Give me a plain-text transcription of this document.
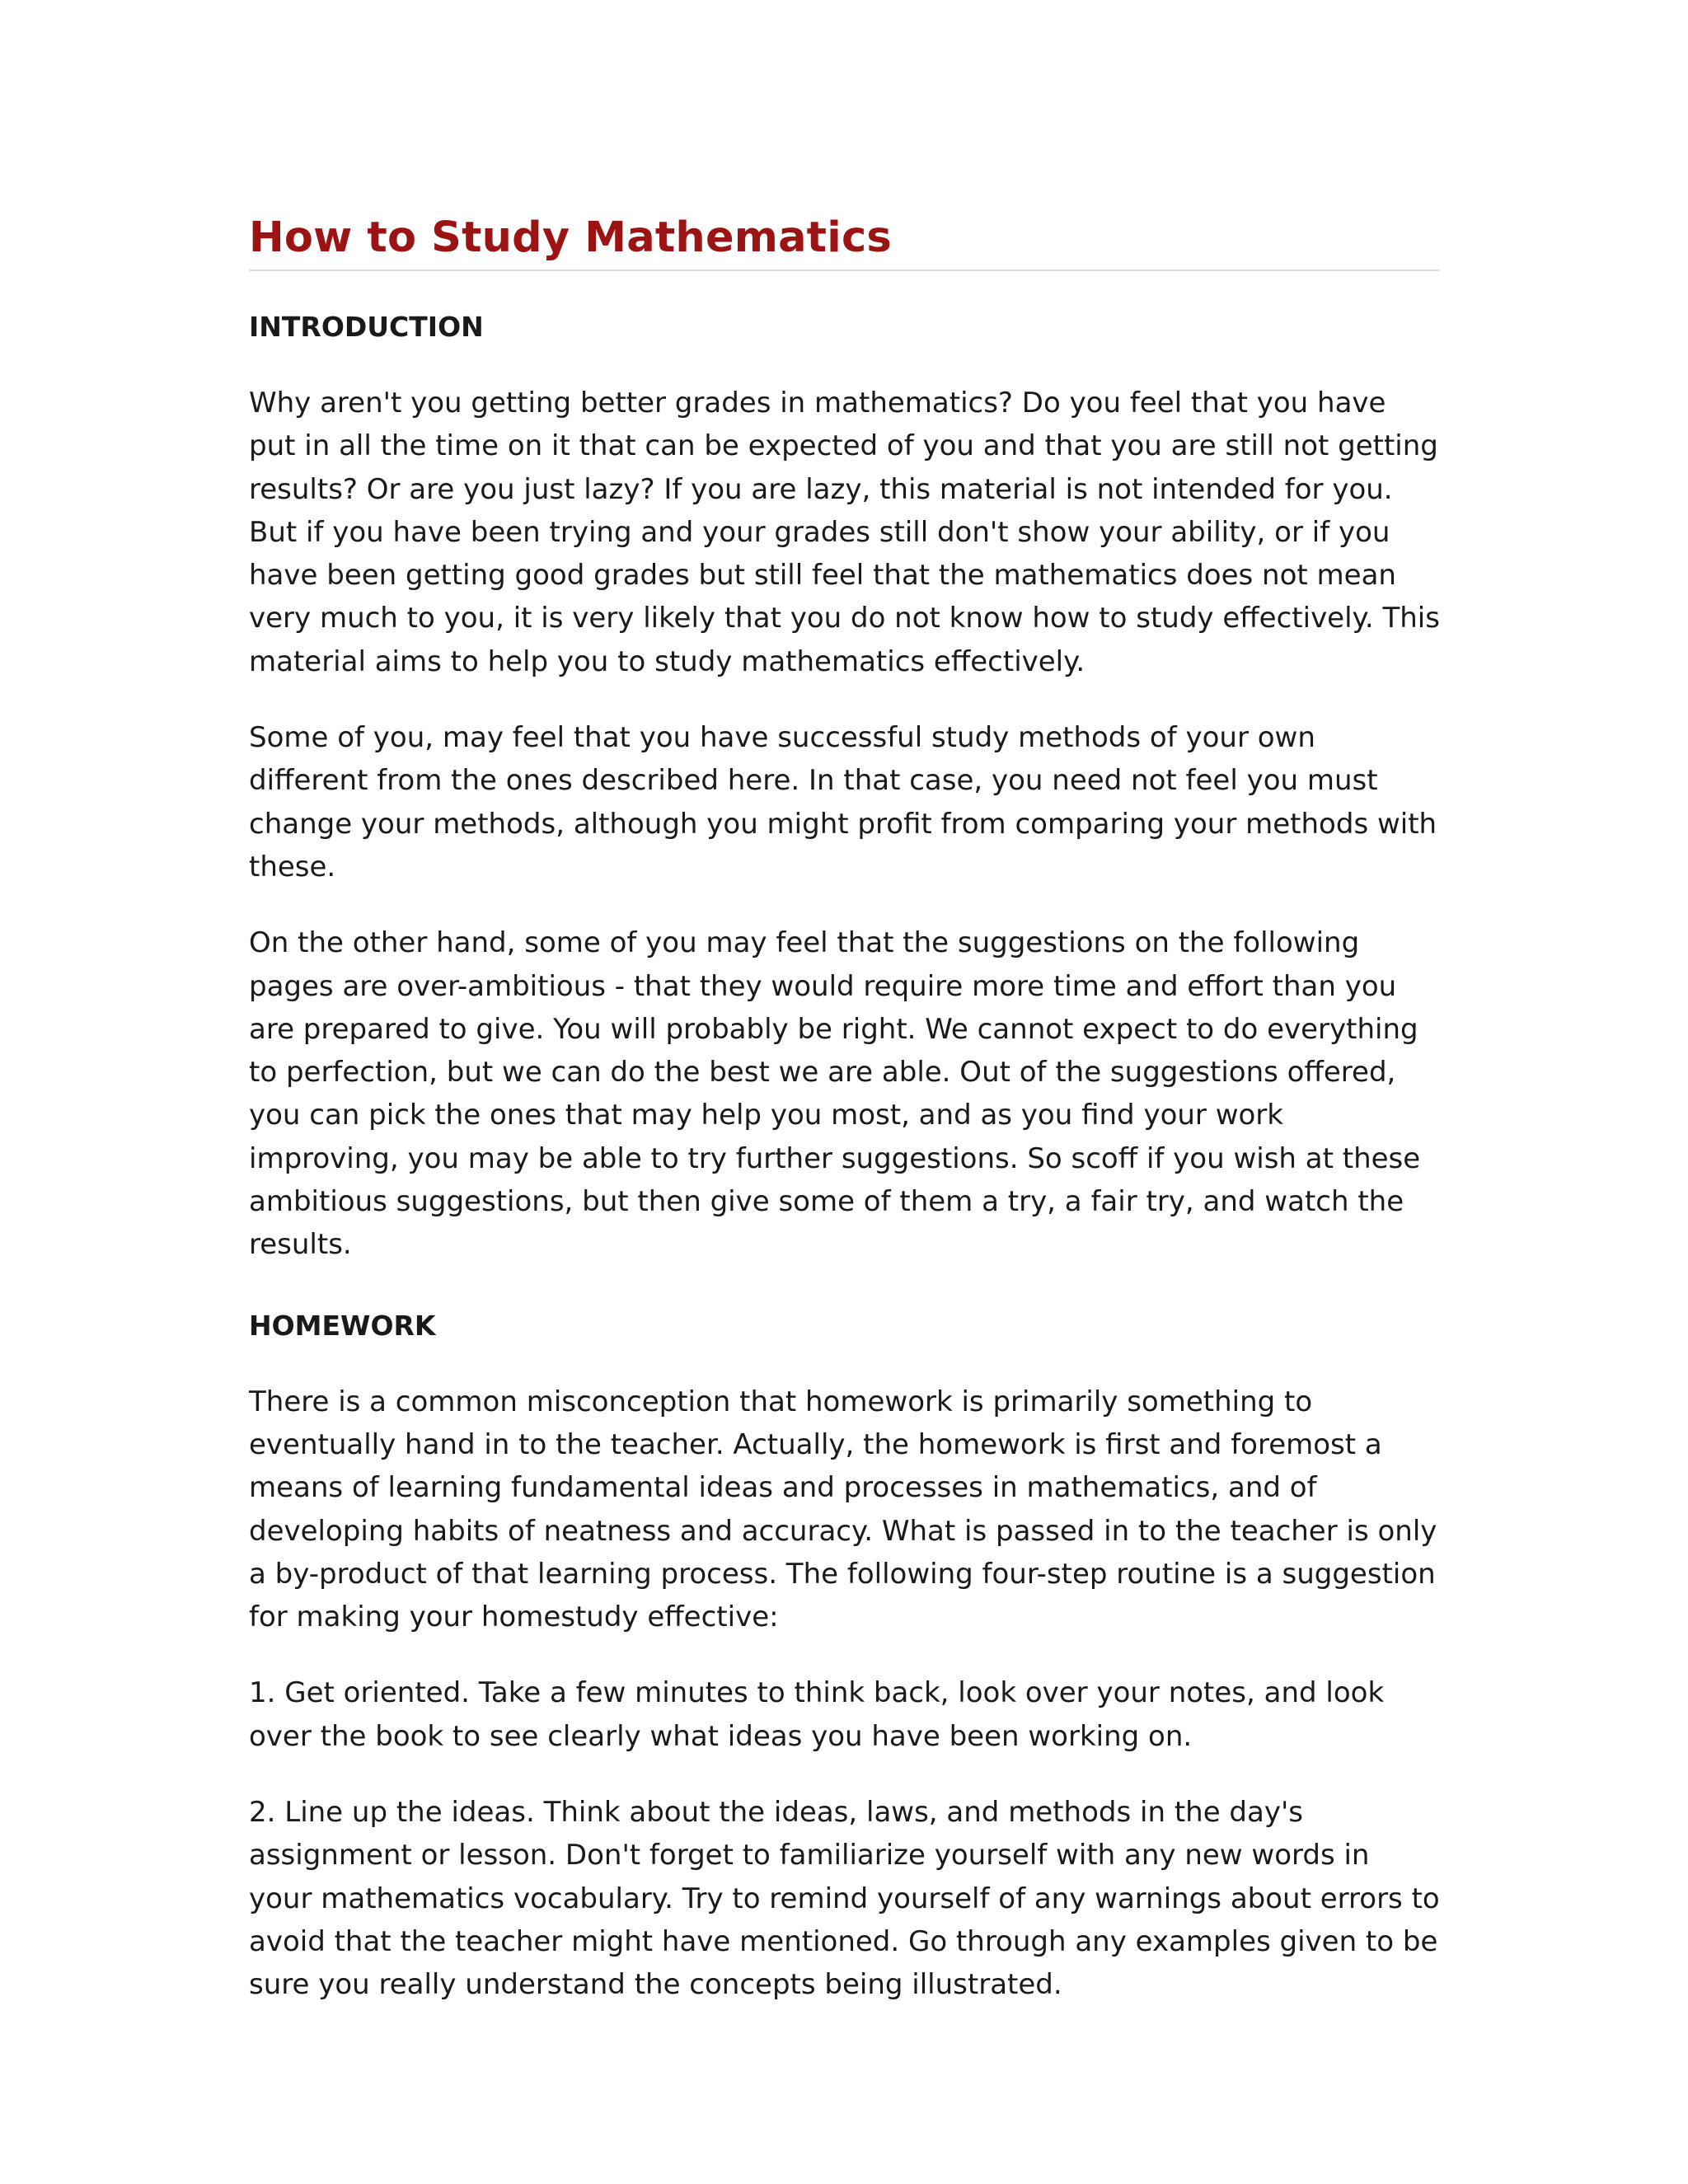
How to Study Mathematics
INTRODUCTION

Why aren't you getting better grades in mathematics? Do you feel that you have put in all the time on it that can be expected of you and that you are still not getting results? Or are you just lazy? If you are lazy, this material is not intended for you. But if you have been trying and your grades still don't show your ability, or if you have been getting good grades but still feel that the mathematics does not mean very much to you, it is very likely that you do not know how to study effectively. This material aims to help you to study mathematics effectively.

Some of you, may feel that you have successful study methods of your own different from the ones described here. In that case, you need not feel you must change your methods, although you might profit from comparing your methods with these.

On the other hand, some of you may feel that the suggestions on the following pages are over-ambitious - that they would require more time and effort than you are prepared to give. You will probably be right. We cannot expect to do everything to perfection, but we can do the best we are able. Out of the suggestions offered, you can pick the ones that may help you most, and as you find your work improving, you may be able to try further suggestions. So scoff if you wish at these ambitious suggestions, but then give some of them a try, a fair try, and watch the results.

HOMEWORK

There is a common misconception that homework is primarily something to eventually hand in to the teacher. Actually, the homework is first and foremost a means of learning fundamental ideas and processes in mathematics, and of developing habits of neatness and accuracy. What is passed in to the teacher is only a by-product of that learning process. The following four-step routine is a suggestion for making your homestudy effective:

1. Get oriented. Take a few minutes to think back, look over your notes, and look over the book to see clearly what ideas you have been working on.

2. Line up the ideas. Think about the ideas, laws, and methods in the day's assignment or lesson. Don't forget to familiarize yourself with any new words in your mathematics vocabulary. Try to remind yourself of any warnings about errors to avoid that the teacher might have mentioned. Go through any examples given to be sure you really understand the concepts being illustrated.
